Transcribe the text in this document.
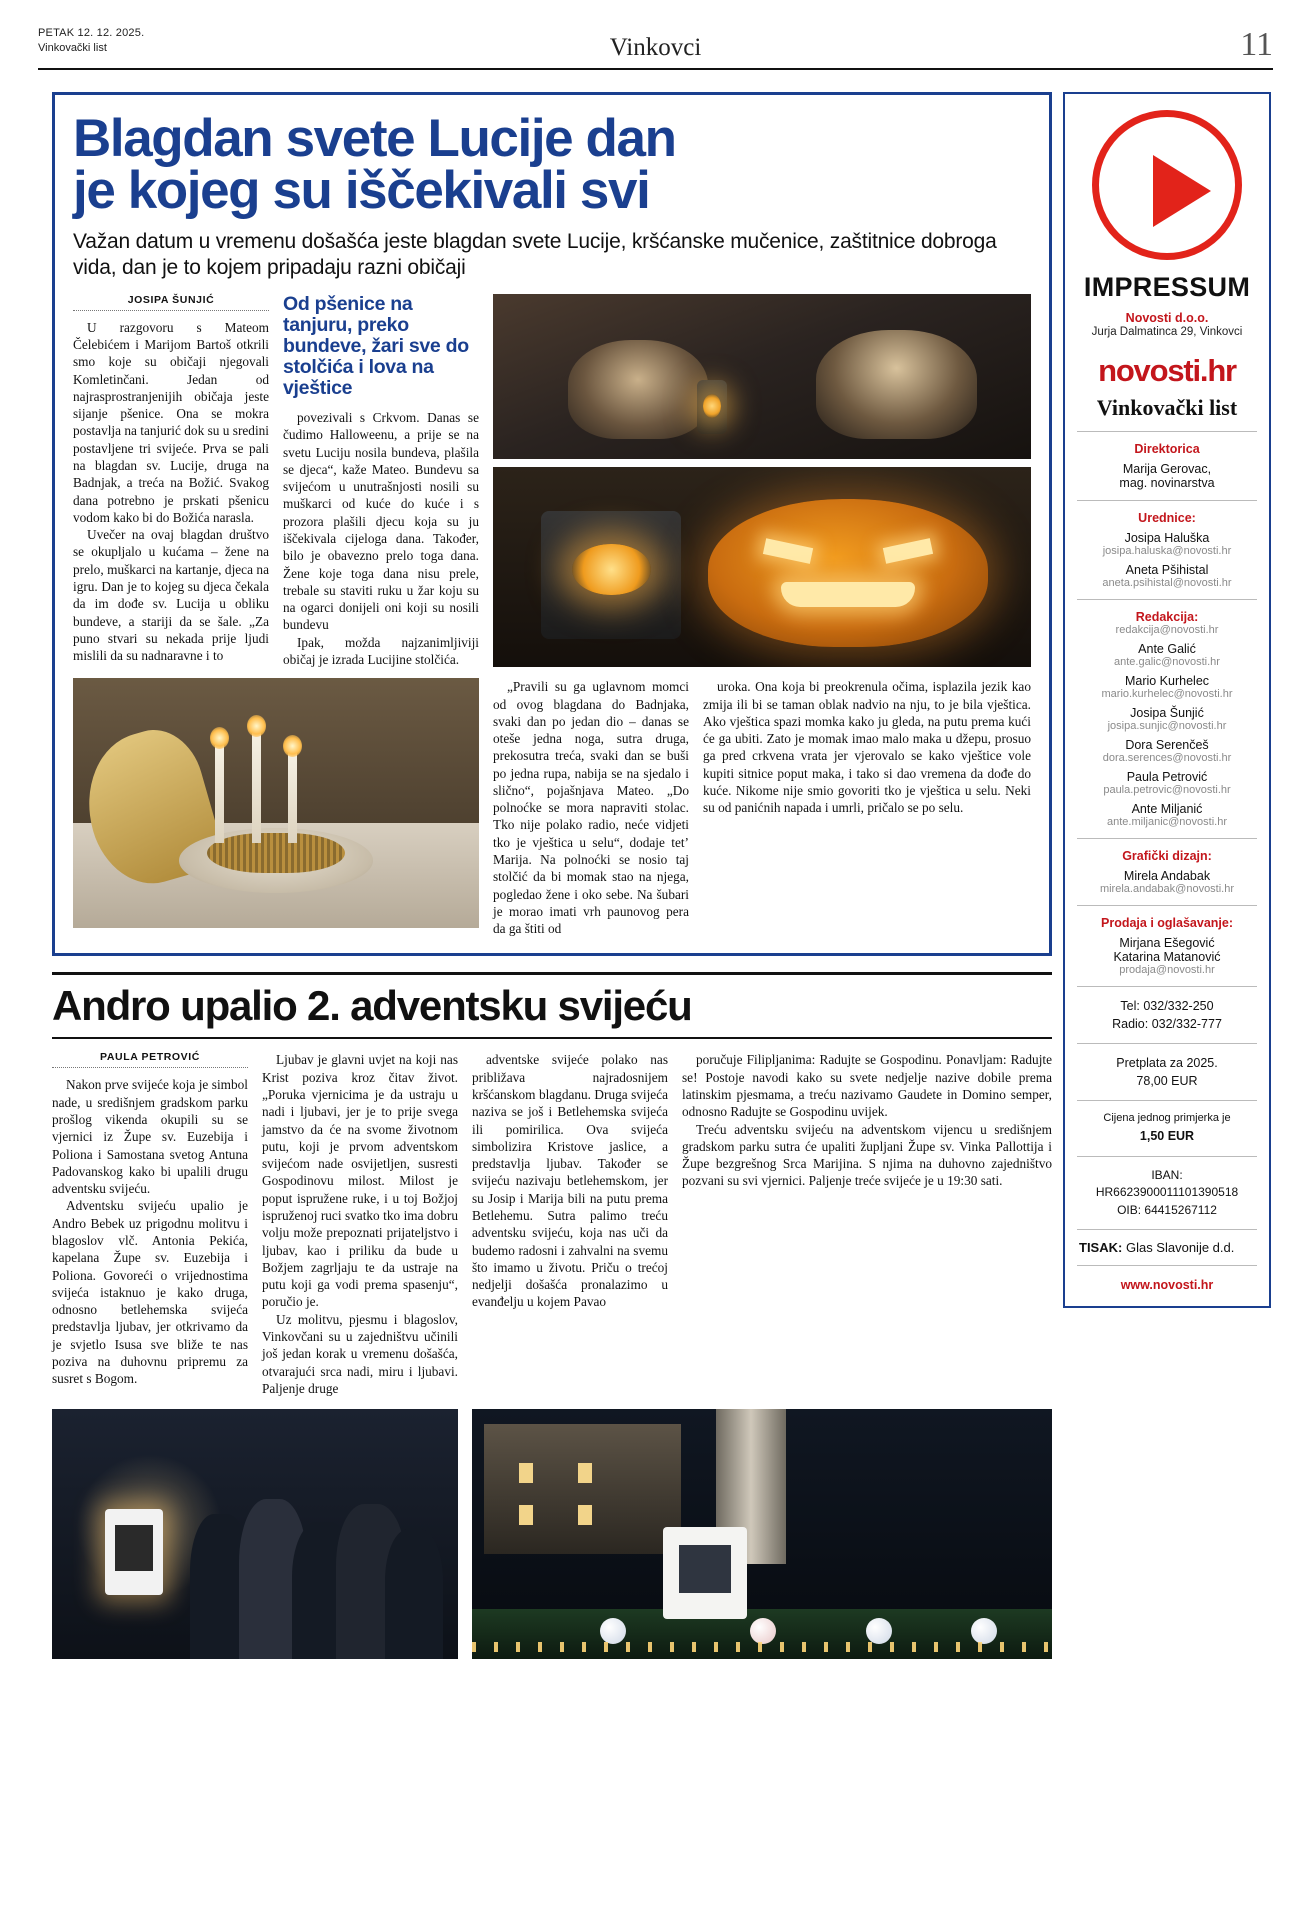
PETAK 12. 12. 2025.
Vinkovački list	Vinkovci	11
Blagdan svete Lucije dan
je kojeg su iščekivali svi
Važan datum u vremenu došašća jeste blagdan svete Lucije, kršćanske mučenice, zaštitnice dobroga vida, dan je to kojem pripadaju razni običaji
JOSIPA ŠUNJIĆ

U razgovoru s Mateom Čelebićem i Marijom Bartoš otkrili smo koje su običaji njegovali Komletinčani. Jedan od najrasprostranjenijih običaja jeste sijanje pšenice. Ona se mokra postavlja na tanjurić dok su u sredini postavljene tri svijeće. Prva se pali na blagdan sv. Lucije, druga na Badnjak, a treća na Božić. Svakog dana potrebno je prskati pšenicu vodom kako bi do Božića narasla.

Uvečer na ovaj blagdan društvo se okupljalo u kućama – žene na prelo, muškarci na kartanje, djeca na igru. Dan je to kojeg su djeca čekala da im dođe sv. Lucija u obliku bundeve, a stariji da se šale. „Za puno stvari su nekada prije ljudi mislili da su nadnaravne i to

Od pšenice na tanjuru, preko bundeve, žari sve do stolčića i lova na vještice

povezivali s Crkvom. Danas se čudimo Halloweenu, a prije se na svetu Luciju nosila bundeva, plašila se djeca“, kaže Mateo. Bundevu sa svijećom u unutrašnjosti nosili su muškarci od kuće do kuće i s prozora plašili djecu koja su ju iščekivala cijeloga dana. Također, bilo je obavezno prelo toga dana. Žene koje toga dana nisu prele, trebale su staviti ruku u žar koju su na ogarci donijeli oni koji su nosili bundevu

Ipak, možda najzanimljiviji običaj je izrada Lucijine stolčića.

„Pravili su ga uglavnom momci od ovog blagdana do Badnjaka, svaki dan po jedan dio – danas se oteše jedna noga, sutra druga, prekosutra treća, svaki dan se buši po jedna rupa, nabija se na sjedalo i slično“, pojašnjava Mateo. „Do polnoćke se mora napraviti stolac. Tko nije polako radio, neće vidjeti tko je vještica u selu“, dodaje tet’ Marija. Na polnoćki se nosio taj stolčić da bi momak stao na njega, pogledao žene i oko sebe. Na šubari je morao imati vrh paunovog pera da ga štiti od

uroka. Ona koja bi preokrenula očima, isplazila jezik kao zmija ili bi se taman oblak nadvio na nju, to je bila vještica. Ako vještica spazi momka kako ju gleda, na putu prema kući će ga ubiti. Zato je momak imao malo maka u džepu, prosuo ga pred crkvena vrata jer vjerovalo se kako vještice vole kupiti sitnice poput maka, i tako si dao vremena da dođe do kuće. Nikome nije smio govoriti tko je vještica u selu. Neki su od panićnih napada i umrli, pričalo se po selu.

Andro upalio 2. adventsku svijeću
PAULA PETROVIĆ

Nakon prve svijeće koja je simbol nade, u središnjem gradskom parku prošlog vikenda okupili su se vjernici iz Župe sv. Euzebija i Poliona i Samostana svetog Antuna Padovanskog kako bi upalili drugu adventsku svijeću.

Adventsku svijeću upalio je Andro Bebek uz prigodnu molitvu i blagoslov vlč. Antonia Pekića, kapelana Župe sv. Euzebija i Poliona. Govoreći o vrijednostima svijeća istaknuo je kako druga, odnosno betlehemska svijeća predstavlja ljubav, jer otkrivamo da je svjetlo Isusa sve bliže te nas poziva na duhovnu pripremu za susret s Bogom.

Ljubav je glavni uvjet na koji nas Krist poziva kroz čitav život. „Poruka vjernicima je da ustraju u nadi i ljubavi, jer je to prije svega jamstvo da će na svome životnom putu, koji je prvom adventskom svijećom nade osvijetljen, susresti Gospodinovu milost. Milost je poput ispružene ruke, i u toj Božjoj ispruženoj ruci svatko tko ima dobru volju može prepoznati prijateljstvo i ljubav, kao i priliku da bude u Božjem zagrljaju te da ustraje na putu koji ga vodi prema spasenju“, poručio je.

Uz molitvu, pjesmu i blagoslov, Vinkovčani su u zajedništvu učinili još jedan korak u vremenu došašća, otvarajući srca nadi, miru i ljubavi. Paljenje druge

adventske svijeće polako nas približava najradosnijem kršćanskom blagdanu. Druga svijeća naziva se još i Betlehemska svijeća ili pomirilica. Ova svijeća simbolizira Kristove jaslice, a predstavlja ljubav. Također se svijeću nazivaju betlehemskom, jer su Josip i Marija bili na putu prema Betlehemu. Sutra palimo treću adventsku svijeću, koja nas uči da budemo radosni i zahvalni na svemu što imamo u životu. Priču o trećoj nedjelji došašća pronalazimo u evanđelju u kojem Pavao

poručuje Filipljanima: Radujte se Gospodinu. Ponavljam: Radujte se! Postoje navodi kako su svete nedjelje nazive dobile prema latinskim pjesmama, a treću nazivamo Gaudete in Domino semper, odnosno Radujte se Gospodinu uvijek.

Treću adventsku svijeću na adventskom vijencu u središnjem gradskom parku sutra će upaliti župljani Župe sv. Vinka Pallottija i Župe bezgrešnog Srca Marijina. S njima na duhovno zajedništvo pozvani su svi vjernici. Paljenje treće svijeće je u 19:30 sati.

IMPRESSUM
Novosti d.o.o.
Jurja Dalmatinca 29, Vinkovci
novosti.hr
Vinkovački list
Direktorica
Marija Gerovac,
mag. novinarstva
Urednice:
Josipa Haluška
josipa.haluska@novosti.hr
Aneta Pšihistal
aneta.psihistal@novosti.hr
Redakcija:
redakcija@novosti.hr
Ante Galić
ante.galic@novosti.hr
Mario Kurhelec
mario.kurhelec@novosti.hr
Josipa Šunjić
josipa.sunjic@novosti.hr
Dora Serenčeš
dora.serences@novosti.hr
Paula Petrović
paula.petrovic@novosti.hr
Ante Miljanić
ante.miljanic@novosti.hr
Grafički dizajn:
Mirela Andabak
mirela.andabak@novosti.hr
Prodaja i oglašavanje:
Mirjana Ešegović
Katarina Matanović
prodaja@novosti.hr
Tel: 032/332-250
Radio: 032/332-777
Pretplata za 2025.
78,00 EUR
Cijena jednog primjerka je
1,50 EUR
IBAN:
HR6623900011101390518
OIB: 64415267112
TISAK: Glas Slavonije d.d.
www.novosti.hr
